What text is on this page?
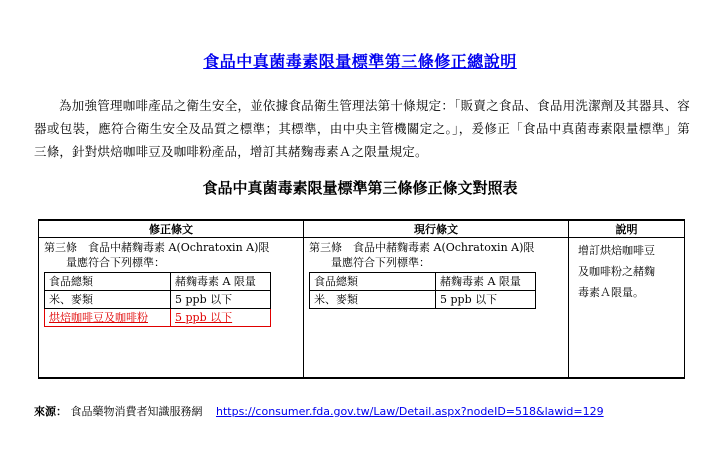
食品中真菌毒素限量標準第三條修正總說明

為加強管理咖啡產品之衛生安全，並依據食品衛生管理法第十條規定：「販賣之食品、食品用洗潔劑及其器具、容器或包裝，應符合衛生安全及品質之標準；其標準，由中央主管機關定之。」，爰修正「食品中真菌毒素限量標準」第三條，針對烘焙咖啡豆及咖啡粉產品，增訂其赭麴毒素Ａ之限量規定。

食品中真菌毒素限量標準第三條修正條文對照表
修正條文	現行條文	說明

第三條　食品中赭麴毒素 A(Ochratoxin A)限
量應符合下列標準：
食品總類	赭麴毒素 A 限量
米、麥類	5 ppb 以下
烘焙咖啡豆及咖啡粉	5 ppb 以下

第三條　食品中赭麴毒素 A(Ochratoxin A)限
量應符合下列標準：
食品總類	赭麴毒素 A 限量
米、麥類	5 ppb 以下

增訂烘焙咖啡豆
及咖啡粉之赭麴
毒素Ａ限量。
來源： 食品藥物消費者知識服務網 https://consumer.fda.gov.tw/Law/Detail.aspx?nodeID=518&lawid=129
